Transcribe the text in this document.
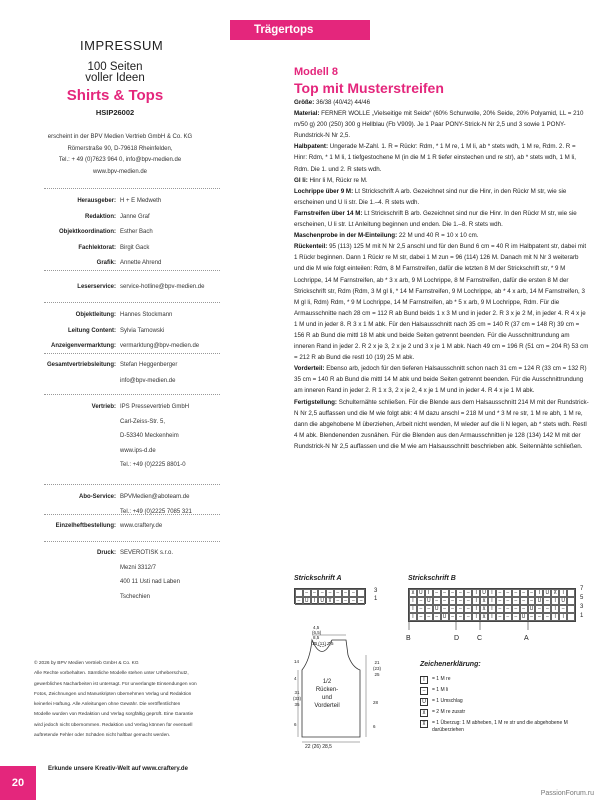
IMPRESSUM
100 Seiten
voller Ideen
Shirts & Tops
HSIP26002
erscheint in der BPV Medien Vertrieb GmbH & Co. KG
Römerstraße 90, D-79618 Rheinfelden,
Tel.: + 49 (0)7623 964 0, info@bpv-medien.de
www.bpv-medien.de
Herausgeber: H + E Medweth
Redaktion: Janne Graf
Objektkoordination: Esther Bach
Fachlektorat: Birgit Gack
Grafik: Annette Ahrend
Leserservice: service-hotline@bpv-medien.de
Objektleitung: Hannes Stockmann
Leitung Content: Sylvia Tarnowski
Anzeigenvermarktung: vermarktung@bpv-medien.de
Gesamtvertriebsleitung: Stefan Heggenberger
info@bpv-medien.de
Vertrieb: IPS Pressevertrieb GmbH
Carl-Zeiss-Str. 5,
D-53340 Meckenheim
www.ips-d.de
Tel.: +49 (0)2225 8801-0
Abo-Service: BPVMedien@aboteam.de
Tel.: +49 (0)2225 7085 321
Einzelheftbestellung: www.craftery.de
Druck: SEVEROTISK s.r.o.
Mezni 3312/7
400 11 Usti nad Laben
Tschechien
© 2026 by BPV Medien Vertrieb GmbH & Co. KG
Alle Rechte vorbehalten. Sämtliche Modelle stehen unter Urheberschutz,
gewerbliches Nacharbeiten ist untersagt. Für unverlangte Einsendungen von
Fotos, Zeichnungen und Manuskripten übernehmen Verlag und Redaktion
keinerlei Haftung. Alle Anleitungen ohne Gewähr. Die veröffentlichten
Modelle wurden von Redaktion und Verlag sorgfältig geprüft. Eine Garantie
wird jedoch nicht übernommen. Redaktion und Verlag können für eventuell
auftretende Fehler oder Schäden nicht haftbar gemacht werden.
Erkunde unsere Kreativ-Welt auf www.craftery.de
20
Trägertops
Modell 8
Top mit Musterstreifen

Größe: 36/38 (40/42) 44/46

Material: FERNER WOLLE „Vielseitige mit Seide“ (60% Schurwolle, 20% Seide, 20% Polyamid, LL = 210 m/50 g) 200 (250) 300 g Hellblau (Fb V909). Je 1 Paar PONY-Strick-N Nr 2,5 und 3 sowie 1 PONY-Rundstrick-N Nr 2,5.

Halbpatent: Ungerade M-Zahl. 1. R = Rückr: Rdm, * 1 M re, 1 M li, ab * stets wdh, 1 M re, Rdm. 2. R = Hinr: Rdm, * 1 M li, 1 tiefgestochene M (in die M 1 R tiefer einstechen und re str), ab * stets wdh, 1 M li, Rdm. Die 1. und 2. R stets wdh.

Gl li: Hinr li M, Rückr re M.

Lochrippe über 9 M: Lt Strickschrift A arb. Gezeichnet sind nur die Hinr, in den Rückr M str, wie sie erscheinen und U li str. Die 1.–4. R stets wdh.

Farnstreifen über 14 M: Lt Strickschrift B arb. Gezeichnet sind nur die Hinr. In den Rückr M str, wie sie erscheinen, U li str. Lt Anleitung beginnen und enden. Die 1.–8. R stets wdh.

Maschenprobe in der M-Einteilung: 22 M und 40 R = 10 x 10 cm.

Rückenteil: 95 (113) 125 M mit N Nr 2,5 anschl und für den Bund 6 cm = 40 R im Halbpatent str, dabei mit 1 Rückr beginnen. Dann 1 Rückr re M str, dabei 1 M zun = 96 (114) 126 M. Danach mit N Nr 3 weiterarb und die M wie folgt einteilen: Rdm, 8 M Farnstreifen, dafür die letzten 8 M der Strickschrift str, * 9 M Lochrippe, 14 M Farnstreifen, ab * 3 x arb, 9 M Lochrippe, 8 M Farnstreifen, dafür die ersten 8 M der Strickschrift str, Rdm (Rdm, 3 M gl li, * 14 M Farnstreifen, 9 M Lochrippe, ab * 4 x arb, 14 M Farnstreifen, 3 M gl li, Rdm) Rdm, * 9 M Lochrippe, 14 M Farnstreifen, ab * 5 x arb, 9 M Lochrippe, Rdm. Für die Armausschnitte nach 28 cm = 112 R ab Bund beids 1 x 3 M und in jeder 2. R 3 x je 2 M, in jeder 4. R 4 x je 1 M und in jeder 8. R 3 x 1 M abk. Für den Halsausschnitt nach 35 cm = 140 R (37 cm = 148 R) 39 cm = 156 R ab Bund die mittl 18 M abk und beide Seiten getrennt beenden. Für die Ausschnittrundung am inneren Rand in jeder 2. R 2 x je 3, 2 x je 2 und 3 x je 1 M abk. Nach 49 cm = 196 R (51 cm = 204 R) 53 cm = 212 R ab Bund die restl 10 (19) 25 M abk.

Vorderteil: Ebenso arb, jedoch für den tieferen Halsausschnitt schon nach 31 cm = 124 R (33 cm = 132 R) 35 cm = 140 R ab Bund die mittl 14 M abk und beide Seiten getrennt beenden. Für die Ausschnittrundung am inneren Rand in jeder 2. R 1 x 3, 2 x je 2, 4 x je 1 M und in jeder 4. R 4 x je 1 M abk.

Fertigstellung: Schulternähte schließen. Für die Blende aus dem Halsausschnitt 214 M mit der Rundstrick-N Nr 2,5 auffassen und die M wie folgt abk: 4 M dazu anschl = 218 M und * 3 M re str, 1 M re abh, 1 M re, dann die abgehobene M überziehen, Arbeit nicht wenden, M wieder auf die li N legen, ab * stets wdh. Restl 4 M abk. Blendenenden zusnähen. Für die Blenden aus den Armausschnitten je 128 (134) 142 M mit der Rundstrick-N Nr 2,5 auffassen und die M wie am Halsausschnitt beschrieben abk. Seitennähte schließen.

Strickschrift A
–	–	– –	–	–	–
– U	I	U ⊼ –	–	– –
3
1
Strickschrift B
⊻ U	I	–	–	–	–	–	I	U	I	–	–	–	–	–	I	U ⊼	I
I	– U –	–	–	–	–	I	⊻	I	–	–	–	–	– U –	I	U
I	–	– U –	–	–	–	I	⊻	I	–	–	–	– U –	–	I	–
I	–	–	– U –	–	–	I	⊻	I	–	–	– U –	–	–	I	I
7
5
3
1
B	D	C	A
4,5
(6,5)
8,5
10 (11) 7,5
14
4
31
(33)
35
6
21
(23)
25
28
6
1/2
Rücken-
und
Vorderteil
22 (26) 28,5
Zeichenerklärung:
I	= 1 M re
–	= 1 M li
U	= 1 Umschlag
⊻	= 2 M re zusstr
⊼	= 1 Überzug: 1 M abheben, 1 M re str und die abgehobene M darüberziehen
PassionForum.ru
